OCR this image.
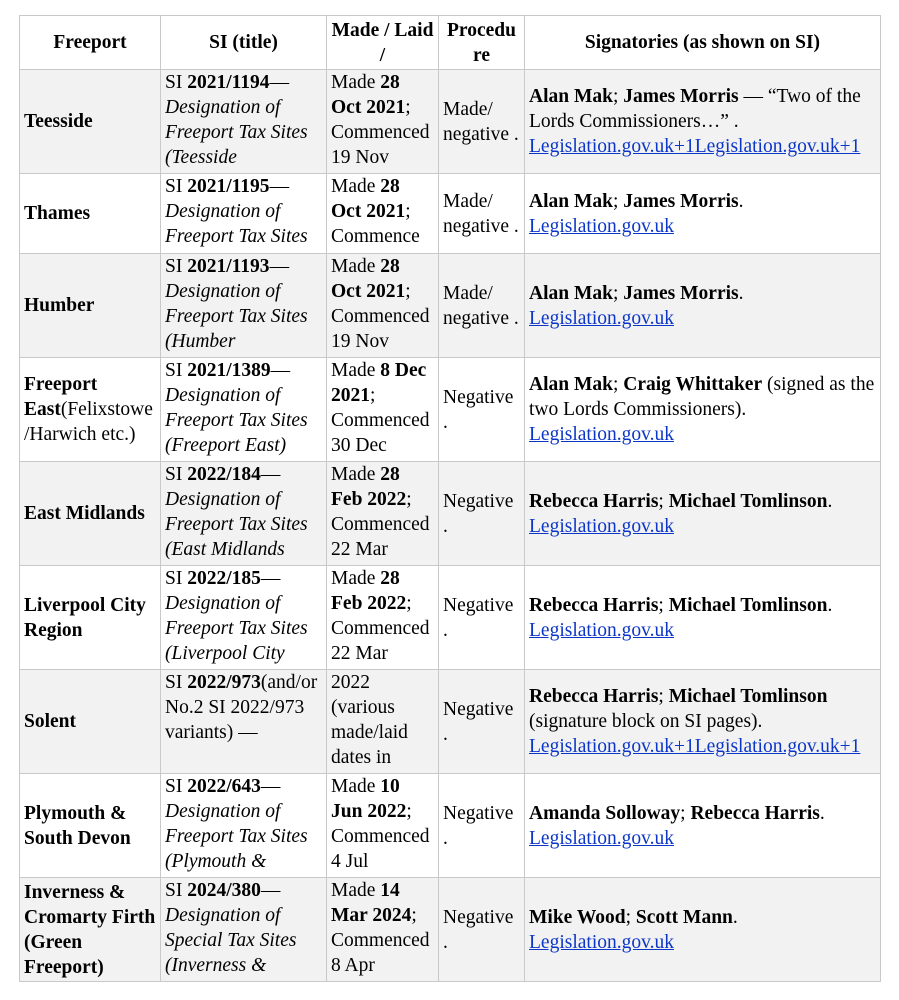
Freeport	SI (title)	Made / Laid /	Procedure	Signatories (as shown on SI)

Teesside	SI 2021/1194—Designation of Freeport Tax Sites (Teesside	Made 28 Oct 2021; Commenced 19 Nov	Made/ negative .	Alan Mak; James Morris — “Two of the Lords Commissioners…” .
Legislation.gov.uk+1Legislation.gov.uk+1

Thames	SI 2021/1195—Designation of Freeport Tax Sites	Made 28 Oct 2021; Commence	Made/ negative .	Alan Mak; James Morris.
Legislation.gov.uk

Humber	SI 2021/1193—Designation of Freeport Tax Sites (Humber	Made 28 Oct 2021; Commenced 19 Nov	Made/ negative .	Alan Mak; James Morris.
Legislation.gov.uk

Freeport East(Felixstowe/Harwich etc.)	SI 2021/1389—Designation of Freeport Tax Sites (Freeport East)	Made 8 Dec 2021; Commenced 30 Dec	Negative .	Alan Mak; Craig Whittaker (signed as the two Lords Commissioners).
Legislation.gov.uk

East Midlands	SI 2022/184—Designation of Freeport Tax Sites (East Midlands	Made 28 Feb 2022; Commenced 22 Mar	Negative .	Rebecca Harris; Michael Tomlinson.
Legislation.gov.uk

Liverpool City Region	SI 2022/185—Designation of Freeport Tax Sites (Liverpool City	Made 28 Feb 2022; Commenced 22 Mar	Negative .	Rebecca Harris; Michael Tomlinson.
Legislation.gov.uk

Solent	SI 2022/973(and/or No.2 SI 2022/973 variants) —	2022 (various made/laid dates in	Negative .	Rebecca Harris; Michael Tomlinson (signature block on SI pages).
Legislation.gov.uk+1Legislation.gov.uk+1

Plymouth & South Devon	SI 2022/643—Designation of Freeport Tax Sites (Plymouth &	Made 10 Jun 2022; Commenced 4 Jul	Negative .	Amanda Solloway; Rebecca Harris.
Legislation.gov.uk

Inverness & Cromarty Firth (Green Freeport)	SI 2024/380—Designation of Special Tax Sites (Inverness &	Made 14 Mar 2024; Commenced 8 Apr	Negative .	Mike Wood; Scott Mann.
Legislation.gov.uk
